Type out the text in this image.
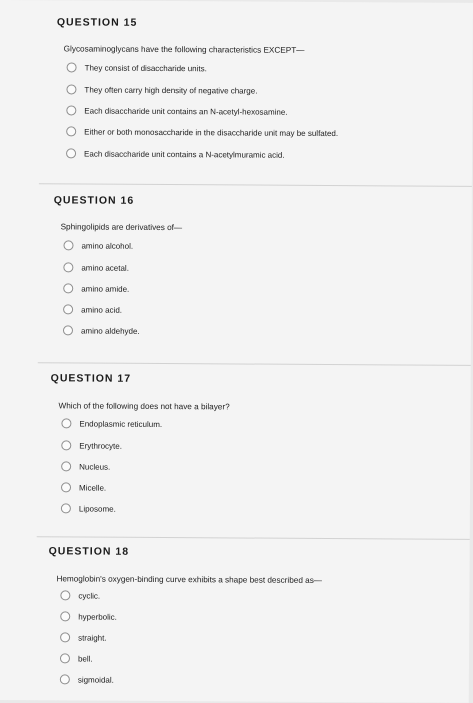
QUESTION 15
Glycosaminoglycans have the following characteristics EXCEPT—
They consist of disaccharide units.
They often carry high density of negative charge.
Each disaccharide unit contains an N-acetyl-hexosamine.
Either or both monosaccharide in the disaccharide unit may be sulfated.
Each disaccharide unit contains a N-acetylmuramic acid.
QUESTION 16
Sphingolipids are derivatives of—
amino alcohol.
amino acetal.
amino amide.
amino acid.
amino aldehyde.
QUESTION 17
Which of the following does not have a bilayer?
Endoplasmic reticulum.
Erythrocyte.
Nucleus.
Micelle.
Liposome.
QUESTION 18
Hemoglobin's oxygen-binding curve exhibits a shape best described as—
cyclic.
hyperbolic.
straight.
bell.
sigmoidal.
